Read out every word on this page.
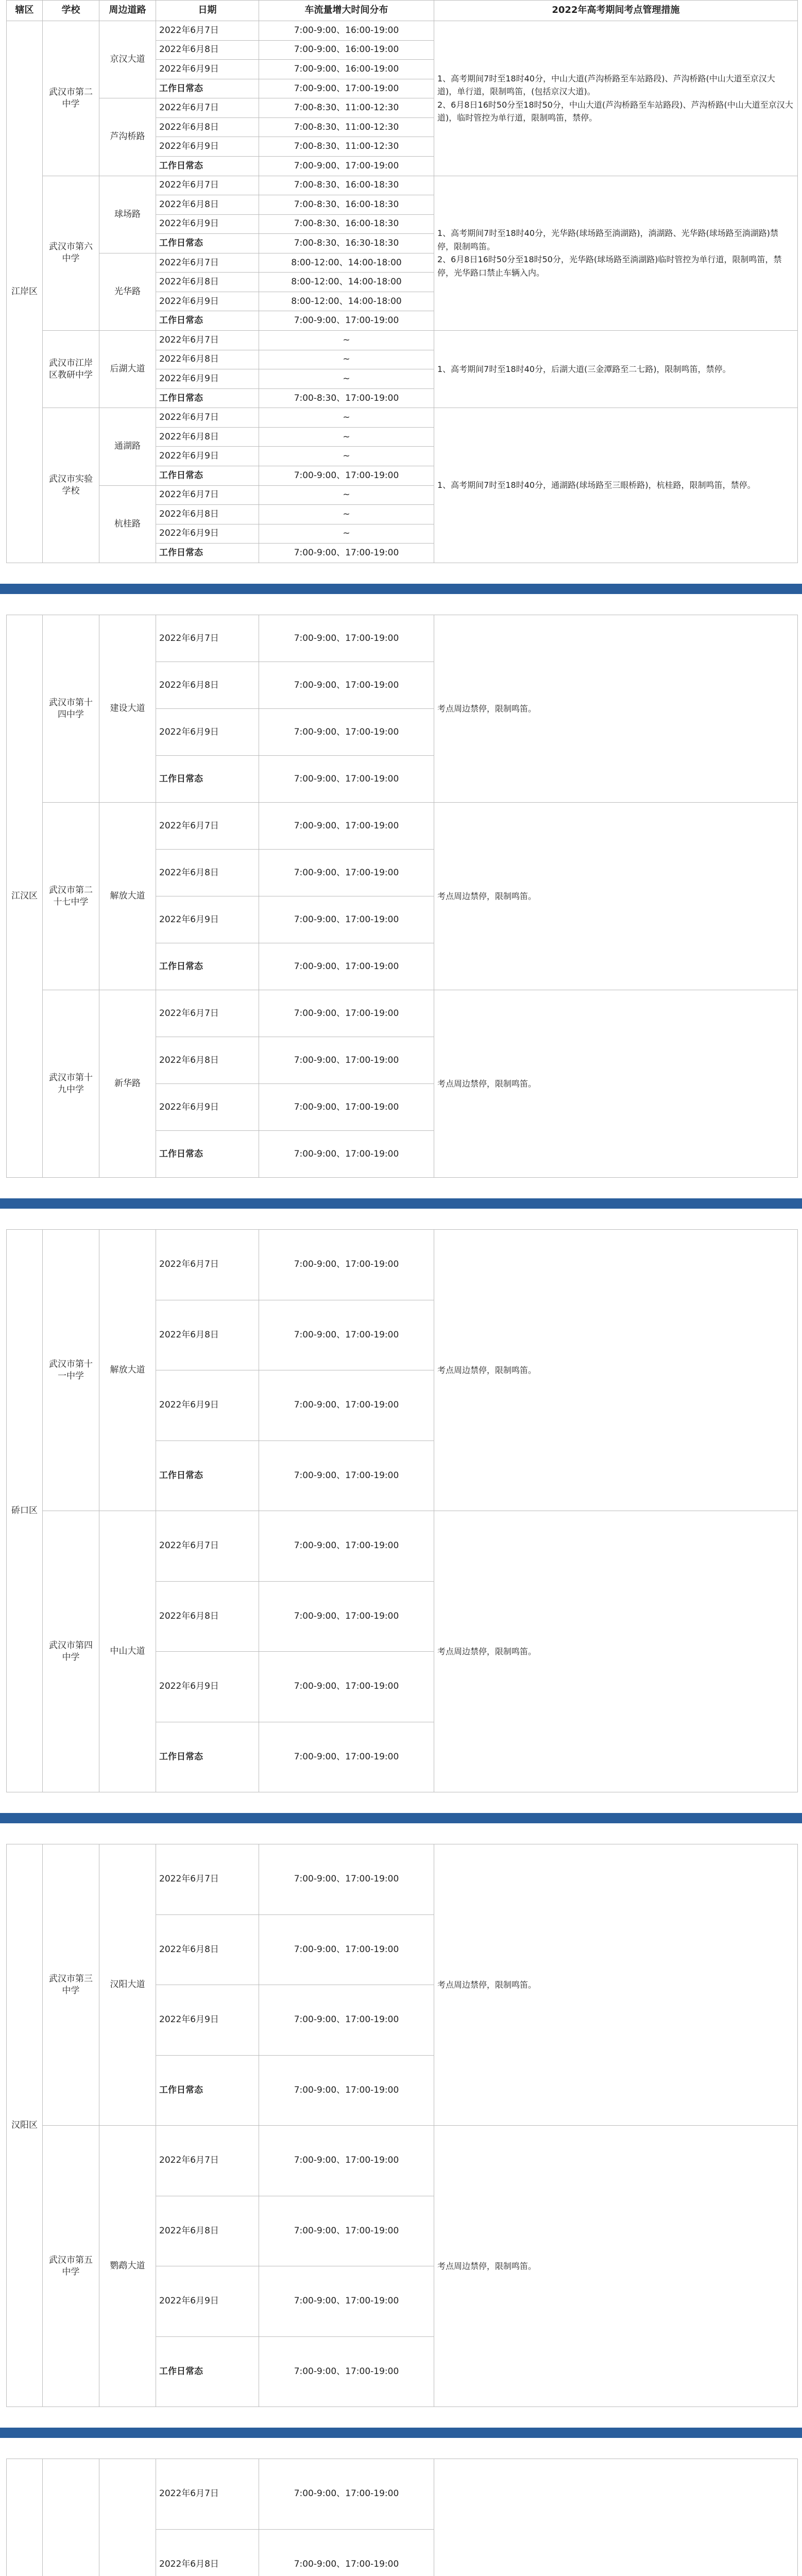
辖区	学校	周边道路	日期	车流量增大时间分布	2022年高考期间考点管理措施
江岸区	武汉市第二中学	京汉大道	2022年6月7日	7:00-9:00、16:00-19:00	1、高考期间7时至18时40分，中山大道(芦沟桥路至车站路段)、芦沟桥路(中山大道至京汉大道)，单行道，限制鸣笛，(包括京汉大道)。
2、6月8日16时50分至18时50分，中山大道(芦沟桥路至车站路段)、芦沟桥路(中山大道至京汉大道)，临时管控为单行道，限制鸣笛，禁停。

			2022年6月8日	7:00-9:00、16:00-19:00	
			2022年6月9日	7:00-9:00、16:00-19:00	
			工作日常态	7:00-9:00、17:00-19:00	
		芦沟桥路	2022年6月7日	7:00-8:30、11:00-12:30	
			2022年6月8日	7:00-8:30、11:00-12:30	
			2022年6月9日	7:00-8:30、11:00-12:30	
			工作日常态	7:00-9:00、17:00-19:00	
	武汉市第六中学	球场路	2022年6月7日	7:00-8:30、16:00-18:30	1、高考期间7时至18时40分，光华路(球场路至淌湖路)，淌湖路、光华路(球场路至淌湖路)禁停，限制鸣笛。
2、6月8日16时50分至18时50分，光华路(球场路至淌湖路)临时管控为单行道，限制鸣笛，禁停，光华路口禁止车辆入内。

			2022年6月8日	7:00-8:30、16:00-18:30	
			2022年6月9日	7:00-8:30、16:00-18:30	
			工作日常态	7:00-8:30、16:30-18:30	
		光华路	2022年6月7日	8:00-12:00、14:00-18:00	
			2022年6月8日	8:00-12:00、14:00-18:00	
			2022年6月9日	8:00-12:00、14:00-18:00	
			工作日常态	7:00-9:00、17:00-19:00	
	武汉市江岸区教研中学	后湖大道	2022年6月7日	~	1、高考期间7时至18时40分，后湖大道(三金潭路至二七路)，限制鸣笛，禁停。

			2022年6月8日	~	
			2022年6月9日	~	
			工作日常态	7:00-8:30、17:00-19:00	
	武汉市实验学校	通湖路	2022年6月7日	~	1、高考期间7时至18时40分，通湖路(球场路至三眼桥路)，杭桂路，限制鸣笛，禁停。

			2022年6月8日	~	
			2022年6月9日	~	
			工作日常态	7:00-9:00、17:00-19:00	
		杭桂路	2022年6月7日	~	
			2022年6月8日	~	
			2022年6月9日	~	
			工作日常态	7:00-9:00、17:00-19:00	
江汉区	武汉市第十四中学	建设大道	2022年6月7日	7:00-9:00、17:00-19:00	考点周边禁停，限制鸣笛。

			2022年6月8日	7:00-9:00、17:00-19:00	
			2022年6月9日	7:00-9:00、17:00-19:00	
			工作日常态	7:00-9:00、17:00-19:00	
	武汉市第二十七中学	解放大道	2022年6月7日	7:00-9:00、17:00-19:00	考点周边禁停，限制鸣笛。

			2022年6月8日	7:00-9:00、17:00-19:00	
			2022年6月9日	7:00-9:00、17:00-19:00	
			工作日常态	7:00-9:00、17:00-19:00	
	武汉市第十九中学	新华路	2022年6月7日	7:00-9:00、17:00-19:00	考点周边禁停，限制鸣笛。

			2022年6月8日	7:00-9:00、17:00-19:00	
			2022年6月9日	7:00-9:00、17:00-19:00	
			工作日常态	7:00-9:00、17:00-19:00	
硚口区	武汉市第十一中学	解放大道	2022年6月7日	7:00-9:00、17:00-19:00	考点周边禁停，限制鸣笛。

			2022年6月8日	7:00-9:00、17:00-19:00	
			2022年6月9日	7:00-9:00、17:00-19:00	
			工作日常态	7:00-9:00、17:00-19:00	
	武汉市第四中学	中山大道	2022年6月7日	7:00-9:00、17:00-19:00	考点周边禁停，限制鸣笛。

			2022年6月8日	7:00-9:00、17:00-19:00	
			2022年6月9日	7:00-9:00、17:00-19:00	
			工作日常态	7:00-9:00、17:00-19:00	
汉阳区	武汉市第三中学	汉阳大道	2022年6月7日	7:00-9:00、17:00-19:00	考点周边禁停，限制鸣笛。

			2022年6月8日	7:00-9:00、17:00-19:00	
			2022年6月9日	7:00-9:00、17:00-19:00	
			工作日常态	7:00-9:00、17:00-19:00	
	武汉市第五中学	鹦鹉大道	2022年6月7日	7:00-9:00、17:00-19:00	考点周边禁停，限制鸣笛。

			2022年6月8日	7:00-9:00、17:00-19:00	
			2022年6月9日	7:00-9:00、17:00-19:00	
			工作日常态	7:00-9:00、17:00-19:00	
			2022年6月7日	7:00-9:00、17:00-19:00	

			2022年6月8日	7:00-9:00、17:00-19:00	
